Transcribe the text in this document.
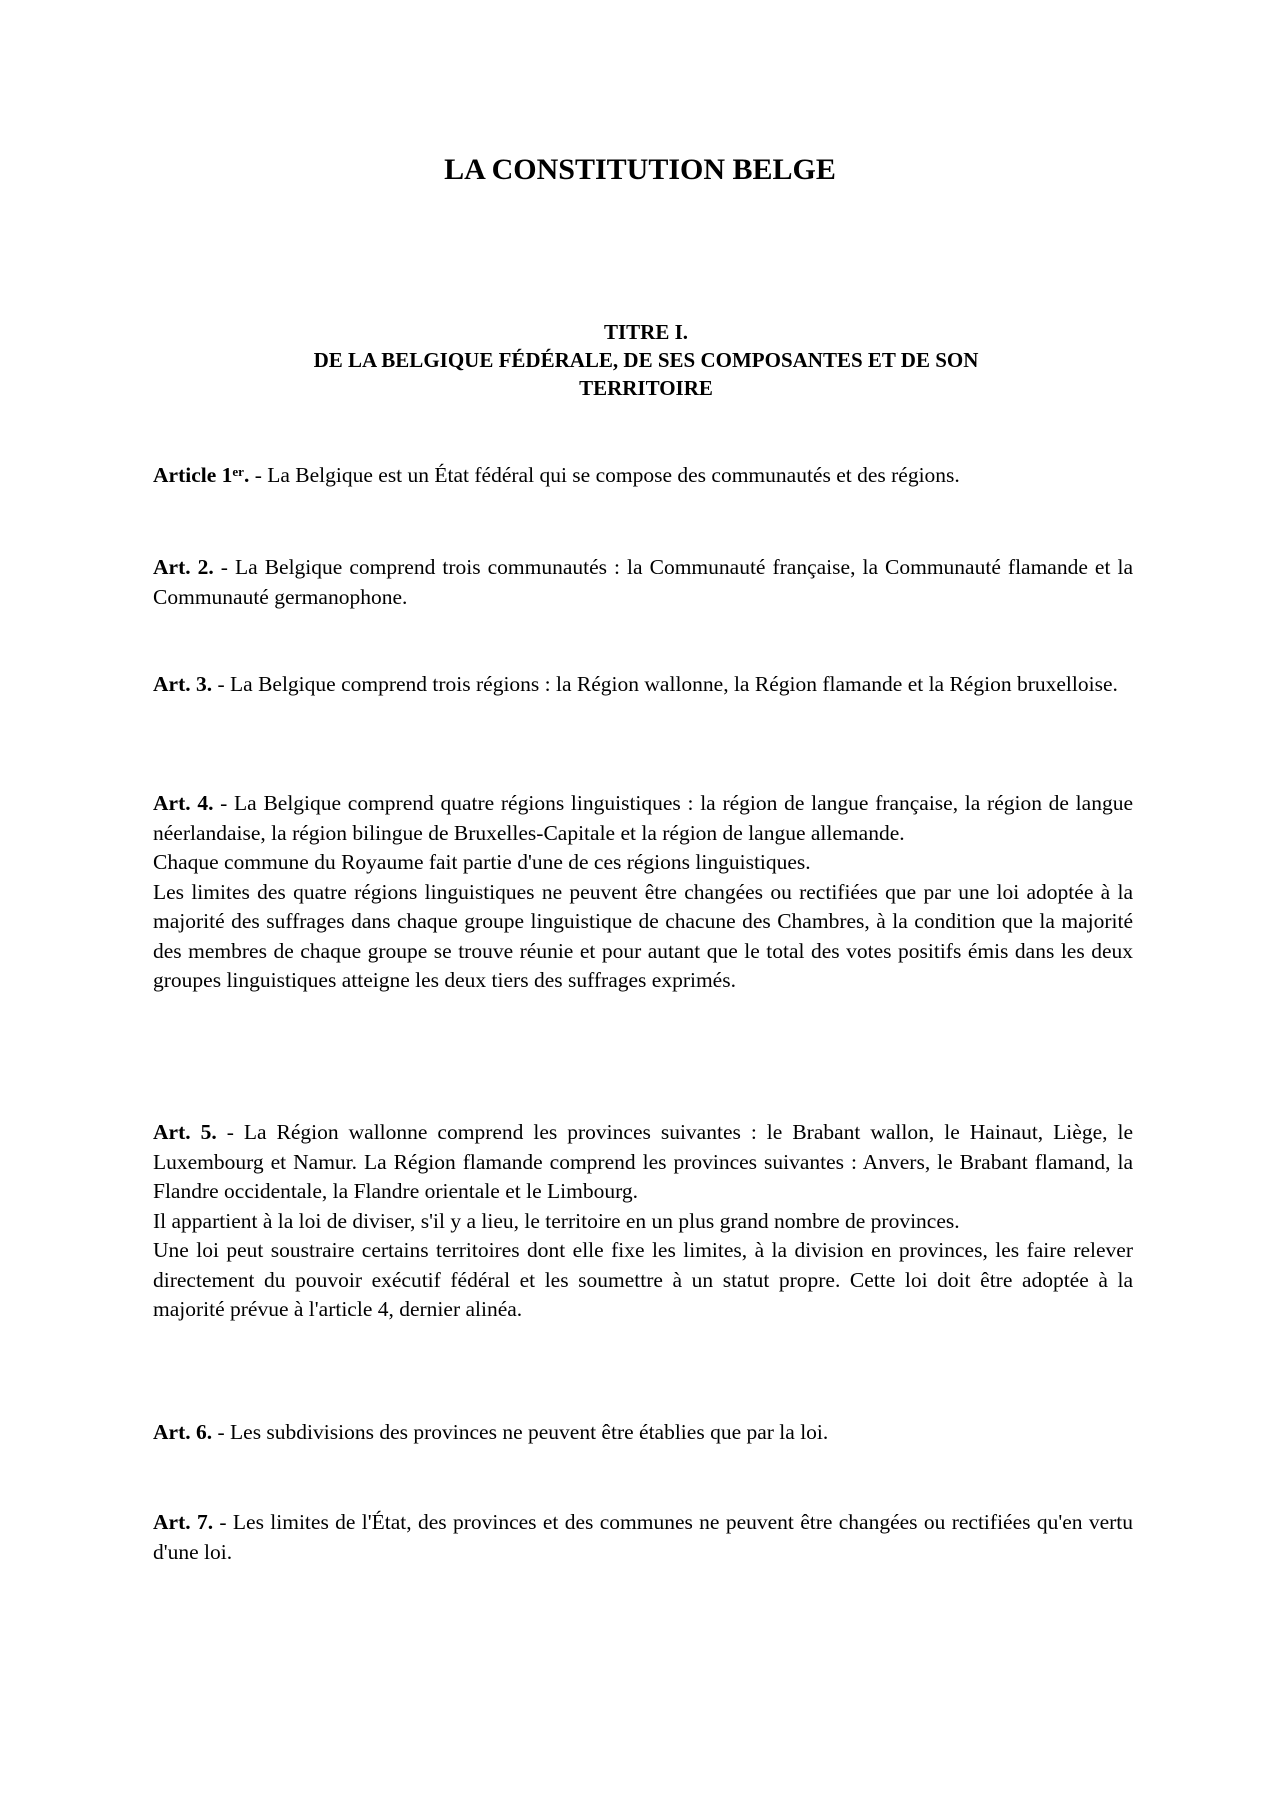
LA CONSTITUTION BELGE
TITRE I.
DE LA BELGIQUE FÉDÉRALE, DE SES COMPOSANTES ET DE SON
TERRITOIRE

Article 1er. - La Belgique est un État fédéral qui se compose des communautés et des régions.

Art. 2. - La Belgique comprend trois communautés : la Communauté française, la Communauté flamande et la Communauté germanophone.

Art. 3. - La Belgique comprend trois régions : la Région wallonne, la Région flamande et la Région bruxelloise.

Art. 4. - La Belgique comprend quatre régions linguistiques : la région de langue française, la région de langue néerlandaise, la région bilingue de Bruxelles-Capitale et la région de langue allemande.

Chaque commune du Royaume fait partie d'une de ces régions linguistiques.

Les limites des quatre régions linguistiques ne peuvent être changées ou rectifiées que par une loi adoptée à la majorité des suffrages dans chaque groupe linguistique de chacune des Chambres, à la condition que la majorité des membres de chaque groupe se trouve réunie et pour autant que le total des votes positifs émis dans les deux groupes linguistiques atteigne les deux tiers des suffrages exprimés.

Art. 5. - La Région wallonne comprend les provinces suivantes : le Brabant wallon, le Hainaut, Liège, le Luxembourg et Namur. La Région flamande comprend les provinces suivantes : Anvers, le Brabant flamand, la Flandre occidentale, la Flandre orientale et le Limbourg.

Il appartient à la loi de diviser, s'il y a lieu, le territoire en un plus grand nombre de provinces.

Une loi peut soustraire certains territoires dont elle fixe les limites, à la division en provinces, les faire relever directement du pouvoir exécutif fédéral et les soumettre à un statut propre. Cette loi doit être adoptée à la majorité prévue à l'article 4, dernier alinéa.

Art. 6. - Les subdivisions des provinces ne peuvent être établies que par la loi.

Art. 7. - Les limites de l'État, des provinces et des communes ne peuvent être changées ou rectifiées qu'en vertu d'une loi.
